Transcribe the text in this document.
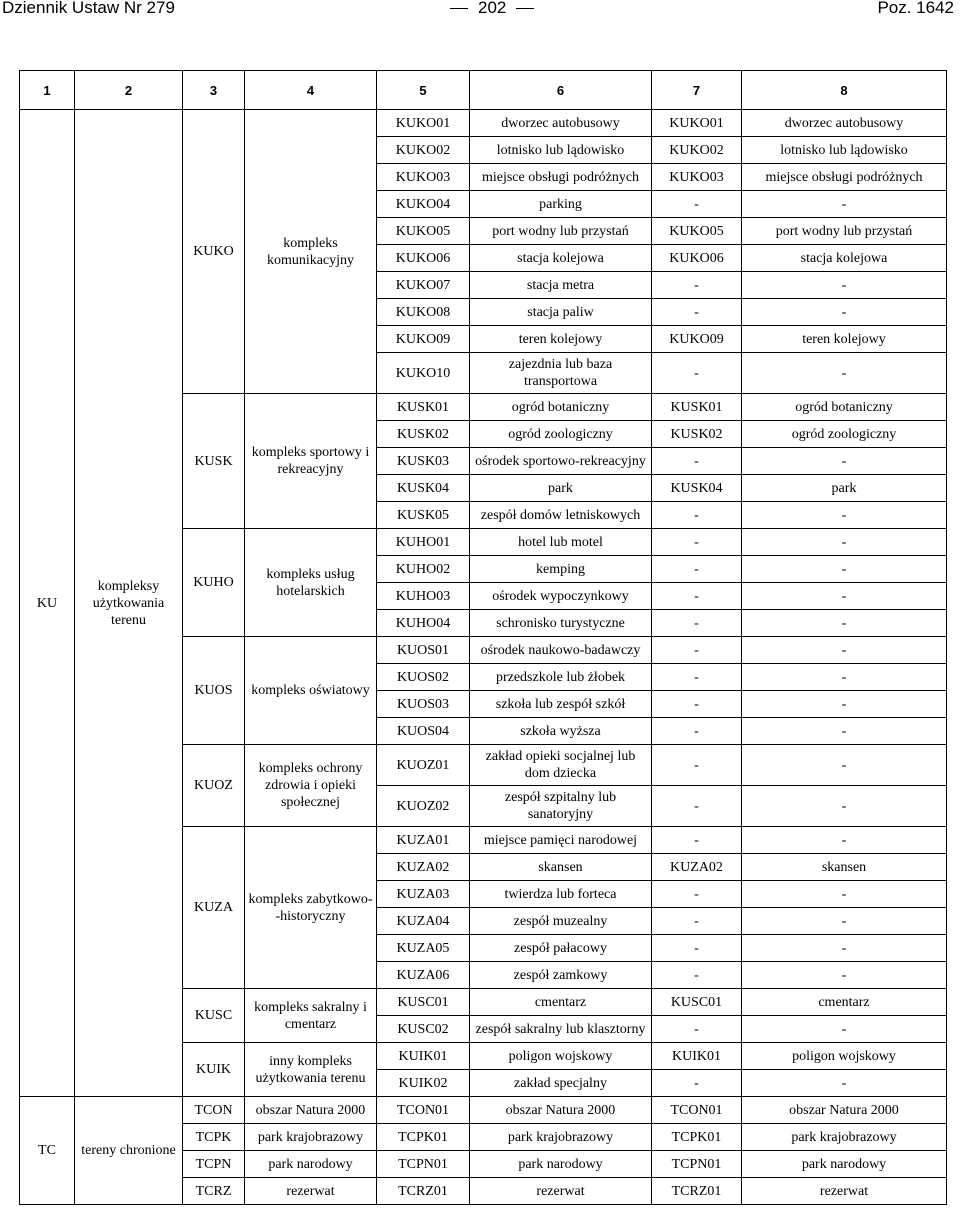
Dziennik Ustaw Nr 279	202	Poz. 1642
1	2	3	4	5	6	7	8
KU	kompleksy użytkowania terenu	KUKO	kompleks komunikacyjny	KUKO01	dworzec autobusowy	KUKO01	dworzec autobusowy
				KUKO02	lotnisko lub lądowisko	KUKO02	lotnisko lub lądowisko
				KUKO03	miejsce obsługi podróżnych	KUKO03	miejsce obsługi podróżnych
				KUKO04	parking	-	-
				KUKO05	port wodny lub przystań	KUKO05	port wodny lub przystań
				KUKO06	stacja kolejowa	KUKO06	stacja kolejowa
				KUKO07	stacja metra	-	-
				KUKO08	stacja paliw	-	-
				KUKO09	teren kolejowy	KUKO09	teren kolejowy
				KUKO10	zajezdnia lub baza transportowa	-	-
		KUSK	kompleks sportowy i rekreacyjny	KUSK01	ogród botaniczny	KUSK01	ogród botaniczny
				KUSK02	ogród zoologiczny	KUSK02	ogród zoologiczny
				KUSK03	ośrodek sportowo-rekreacyjny	-	-
				KUSK04	park	KUSK04	park
				KUSK05	zespół domów letniskowych	-	-
		KUHO	kompleks usług hotelarskich	KUHO01	hotel lub motel	-	-
				KUHO02	kemping	-	-
				KUHO03	ośrodek wypoczynkowy	-	-
				KUHO04	schronisko turystyczne	-	-
		KUOS	kompleks oświatowy	KUOS01	ośrodek naukowo-badawczy	-	-
				KUOS02	przedszkole lub żłobek	-	-
				KUOS03	szkoła lub zespół szkół	-	-
				KUOS04	szkoła wyższa	-	-
		KUOZ	kompleks ochrony zdrowia i opieki społecznej	KUOZ01	zakład opieki socjalnej lub dom dziecka	-	-
				KUOZ02	zespół szpitalny lub sanatoryjny	-	-
		KUZA	kompleks zabytkowo--historyczny	KUZA01	miejsce pamięci narodowej	-	-
				KUZA02	skansen	KUZA02	skansen
				KUZA03	twierdza lub forteca	-	-
				KUZA04	zespół muzealny	-	-
				KUZA05	zespół pałacowy	-	-
				KUZA06	zespół zamkowy	-	-
		KUSC	kompleks sakralny i cmentarz	KUSC01	cmentarz	KUSC01	cmentarz
				KUSC02	zespół sakralny lub klasztorny	-	-
		KUIK	inny kompleks użytkowania terenu	KUIK01	poligon wojskowy	KUIK01	poligon wojskowy
				KUIK02	zakład specjalny	-	-
TC	tereny chronione	TCON	obszar Natura 2000	TCON01	obszar Natura 2000	TCON01	obszar Natura 2000
		TCPK	park krajobrazowy	TCPK01	park krajobrazowy	TCPK01	park krajobrazowy
		TCPN	park narodowy	TCPN01	park narodowy	TCPN01	park narodowy
		TCRZ	rezerwat	TCRZ01	rezerwat	TCRZ01	rezerwat
